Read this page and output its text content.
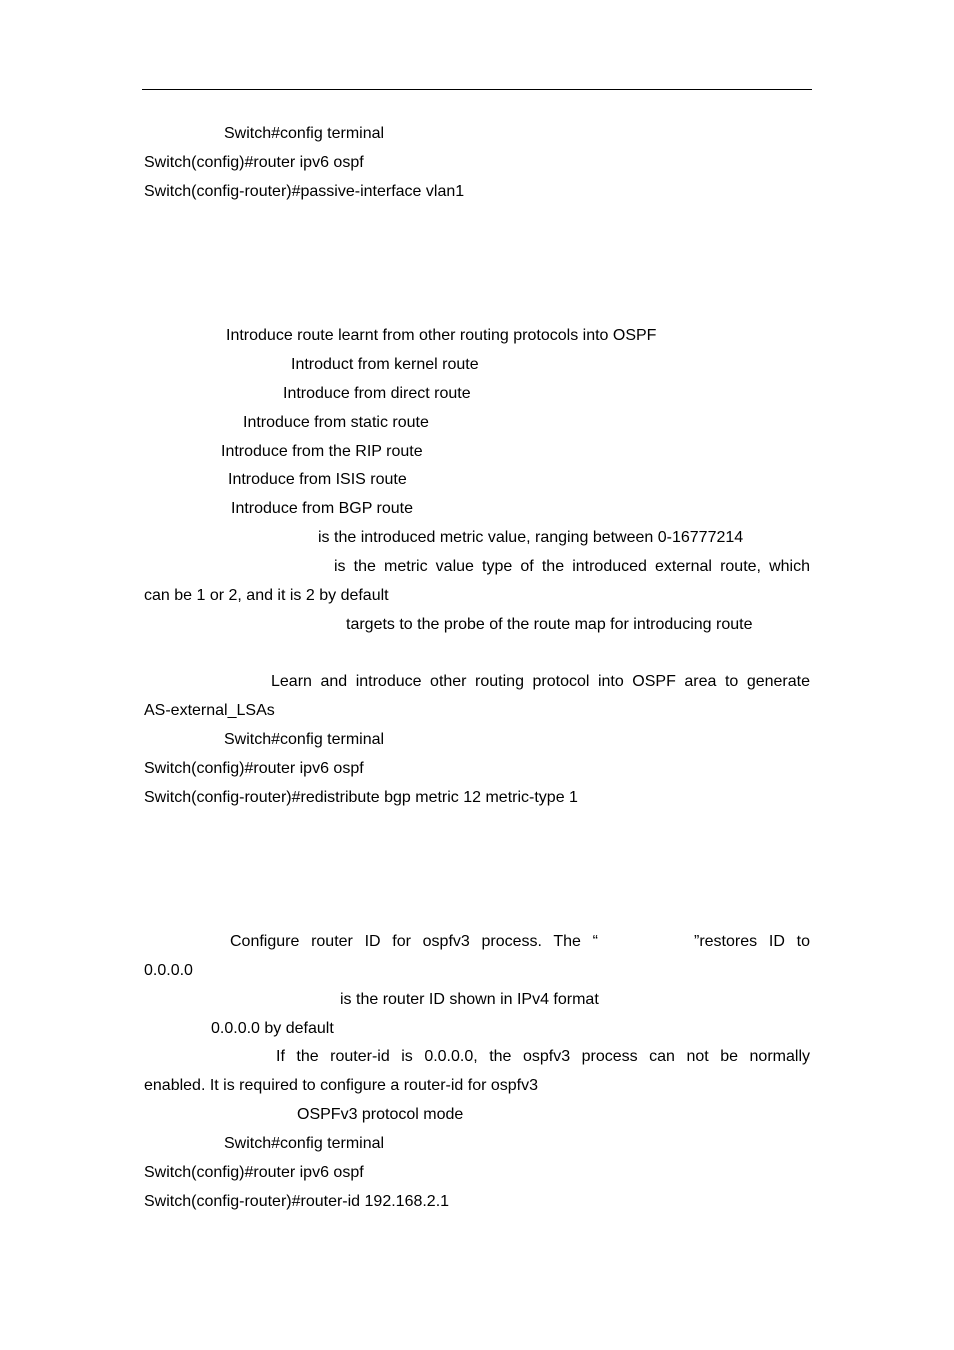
Switch#config terminal
Switch(config)#router ipv6 ospf
Switch(config-router)#passive-interface vlan1
Introduce route learnt from other routing protocols into OSPF
Introduct from kernel route
Introduce from direct route
Introduce from static route
Introduce from the RIP route
Introduce from ISIS route
Introduce from BGP route
is the introduced metric value, ranging between 0-16777214
is the metric value type of the introduced external route, which
can be 1 or 2, and it is 2 by default
targets to the probe of the route map for introducing route
Learn and introduce other routing protocol into OSPF area to generate
AS-external_LSAs
Switch#config terminal
Switch(config)#router ipv6 ospf
Switch(config-router)#redistribute bgp metric 12 metric-type 1
Configure router ID for ospfv3 process. The “	”restores ID to
0.0.0.0
is the router ID shown in IPv4 format
0.0.0.0 by default
If the router-id is 0.0.0.0, the ospfv3 process can not be normally
enabled. It is required to configure a router-id for ospfv3
OSPFv3 protocol mode
Switch#config terminal
Switch(config)#router ipv6 ospf
Switch(config-router)#router-id 192.168.2.1
